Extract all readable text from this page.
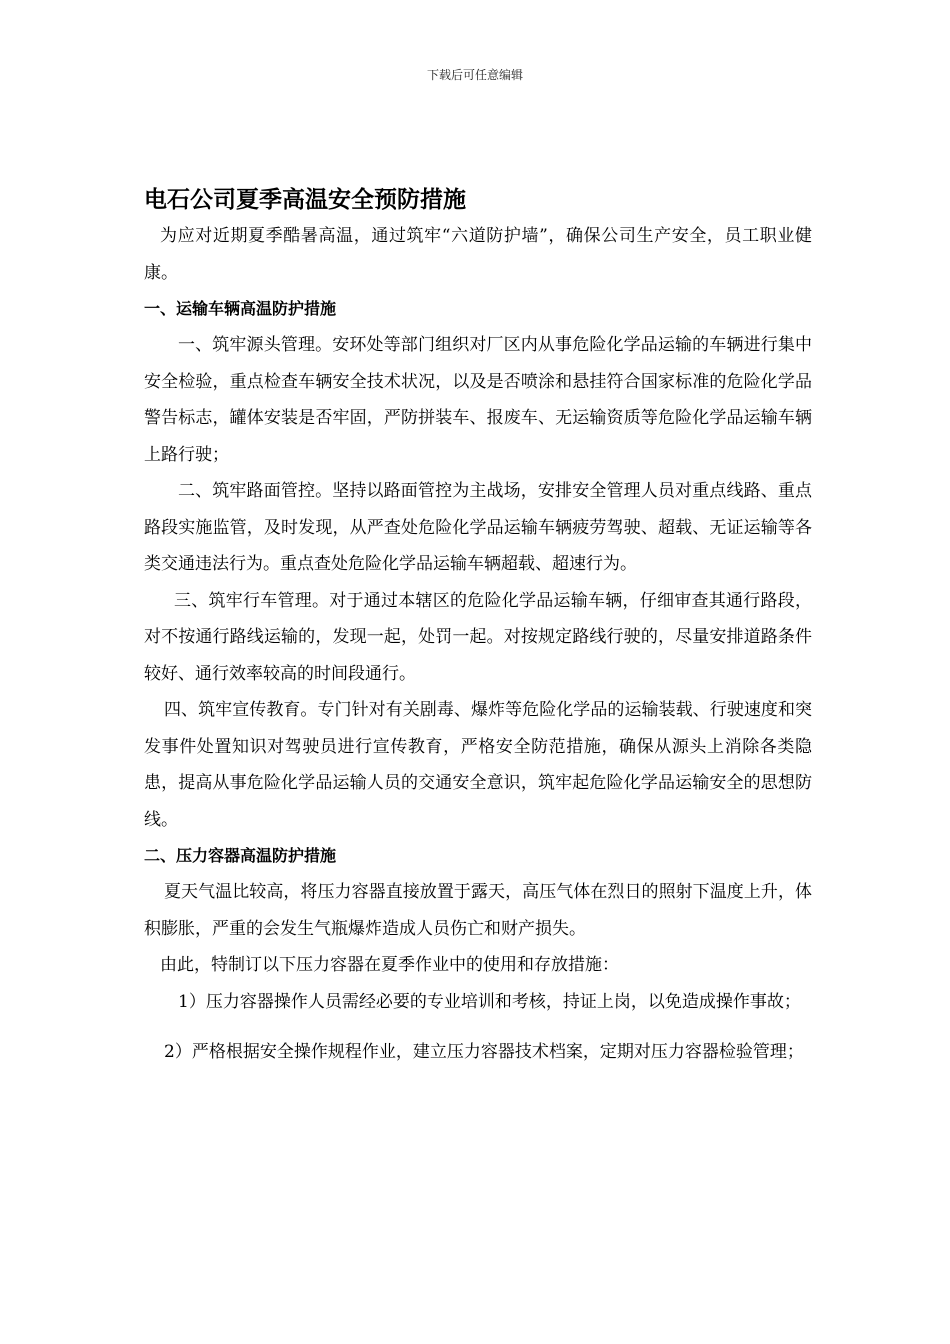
下载后可任意编辑
电石公司夏季高温安全预防措施

为应对近期夏季酷暑高温，通过筑牢“六道防护墙”，确保公司生产安全，员工职业健康。

一、运输车辆高温防护措施

一、筑牢源头管理。安环处等部门组织对厂区内从事危险化学品运输的车辆进行集中安全检验，重点检查车辆安全技术状况，以及是否喷涂和悬挂符合国家标准的危险化学品警告标志，罐体安装是否牢固，严防拼装车、报废车、无运输资质等危险化学品运输车辆上路行驶；

二、筑牢路面管控。坚持以路面管控为主战场，安排安全管理人员对重点线路、重点路段实施监管，及时发现，从严查处危险化学品运输车辆疲劳驾驶、超载、无证运输等各类交通违法行为。重点查处危险化学品运输车辆超载、超速行为。

三、筑牢行车管理。对于通过本辖区的危险化学品运输车辆，仔细审查其通行路段，对不按通行路线运输的，发现一起，处罚一起。对按规定路线行驶的，尽量安排道路条件较好、通行效率较高的时间段通行。

四、筑牢宣传教育。专门针对有关剧毒、爆炸等危险化学品的运输装载、行驶速度和突发事件处置知识对驾驶员进行宣传教育，严格安全防范措施，确保从源头上消除各类隐患，提高从事危险化学品运输人员的交通安全意识，筑牢起危险化学品运输安全的思想防线。

二、压力容器高温防护措施

夏天气温比较高，将压力容器直接放置于露天，高压气体在烈日的照射下温度上升，体积膨胀，严重的会发生气瓶爆炸造成人员伤亡和财产损失。

由此，特制订以下压力容器在夏季作业中的使用和存放措施：

1）压力容器操作人员需经必要的专业培训和考核，持证上岗，以免造成操作事故；

2）严格根据安全操作规程作业，建立压力容器技术档案，定期对压力容器检验管理；
